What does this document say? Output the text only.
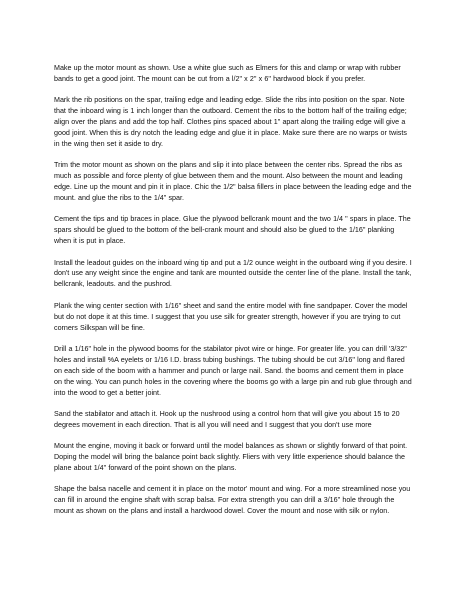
Make up the motor mount as shown. Use a white glue such as Elmers for this and clamp or wrap with rubber bands to get a good joint. The mount can be cut from a l/2" x 2" x 6" hardwood block if you prefer.

Mark the rib positions on the spar, trailing edge and leading edge. Slide the ribs into position on the spar. Note that the inboard wing is 1 inch longer than the outboard. Cement the ribs to the bottom half of the trailing edge; align over the plans and add the top half. Clothes pins spaced about 1" apart along the trailing edge will give a good joint. When this is dry notch the leading edge and glue it in place. Make sure there are no warps or twists in the wing then set it aside to dry.

Trim the motor mount as shown on the plans and slip it into place between the center ribs. Spread the ribs as much as possible and force plenty of glue between them and the mount. Also between the mount and leading edge. Line up the mount and pin it in place. Chic the 1/2" balsa fillers in place between the leading edge and the mount. and glue the ribs to the 1/4" spar.

Cement the tips and tip braces in place. Glue the plywood bellcrank mount and the two 1/4 " spars in place. The spars should be glued to the bottom of the bell-crank mount and should also be glued to the 1/16" planking when it is put in place.

Install the leadout guides on the inboard wing tip and put a 1/2 ounce weight in the outboard wing if you desire. I don't use any weight since the engine and tank are mounted outside the center line of the plane. Install the tank, bellcrank, leadouts. and the pushrod.

Plank the wing center section with 1/16" sheet and sand the entire model with fine sandpaper. Cover the model but do not dope it at this time. I suggest that you use silk for greater strength, however if you are trying to cut corners Silkspan will be fine.

Drill a 1/16" hole in the plywood booms for the stabilator pivot wire or hinge. For greater life. you can drill '3/32" holes and install %A eyelets or 1/16 I.D. brass tubing bushings. The tubing should be cut 3/16" long and flared on each side of the boom with a hammer and punch or large nail. Sand. the booms and cement them in place on the wing. You can punch holes in the covering where the booms go with a large pin and rub glue through and into the wood to get a better joint.

Sand the stabilator and attach it. Hook up the nushrood using a control horn that will give you about 15 to 20 degrees movement in each direction. That is all you will need and I suggest that you don't use more

Mount the engine, moving it back or forward until the model balances as shown or slightly forward of that point. Doping the model will bring the balance point back slightly. Fliers with very little experience should balance the plane about 1/4" forward of the point shown on the plans.

Shape the balsa nacelle and cement it in place on the motor' mount and wing. For a more streamlined nose you can fill in around the engine shaft with scrap balsa. For extra strength you can drill a 3/16" hole through the mount as shown on the plans and install a hardwood dowel. Cover the mount and nose with silk or nylon.
